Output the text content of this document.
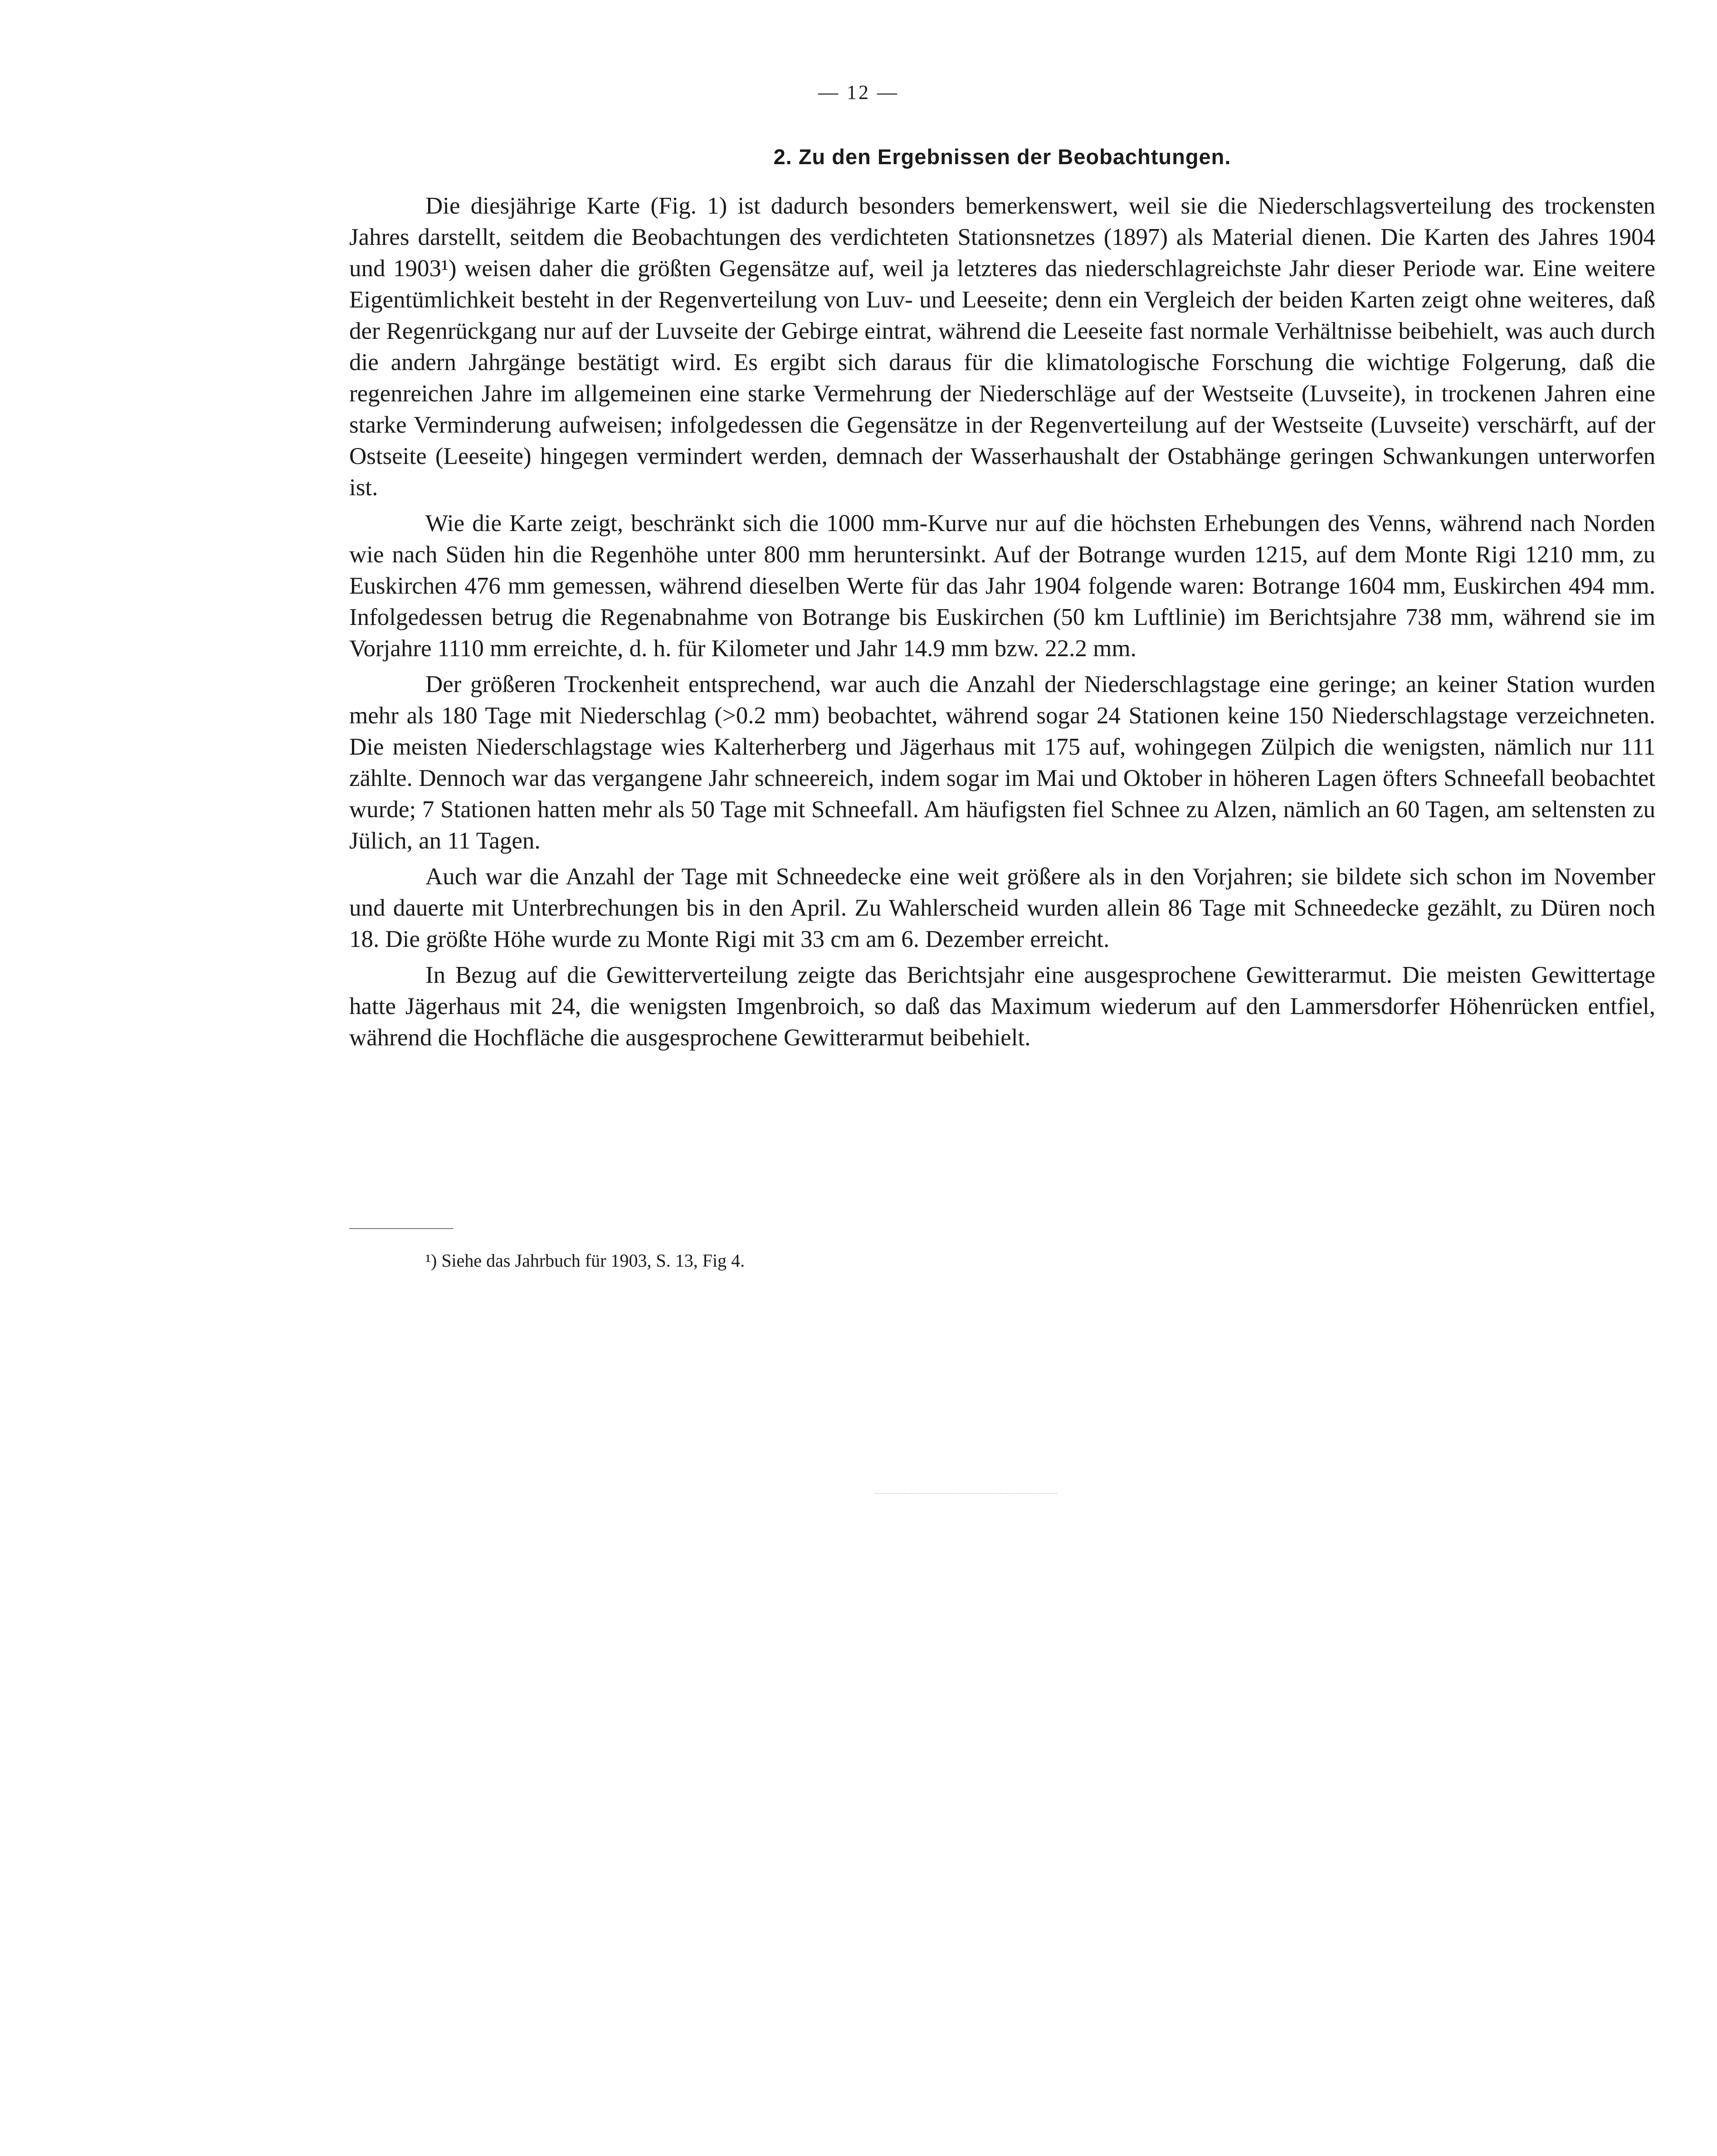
— 12 —
2. Zu den Ergebnissen der Beobachtungen.

Die diesjährige Karte (Fig. 1) ist dadurch besonders bemerkenswert, weil sie die Niederschlagsverteilung des trockensten Jahres darstellt, seitdem die Beobachtungen des verdichteten Stationsnetzes (1897) als Material dienen. Die Karten des Jahres 1904 und 1903¹) weisen daher die größten Gegensätze auf, weil ja letzteres das niederschlagreichste Jahr dieser Periode war. Eine weitere Eigentümlichkeit besteht in der Regenverteilung von Luv- und Leeseite; denn ein Vergleich der beiden Karten zeigt ohne weiteres, daß der Regenrückgang nur auf der Luvseite der Gebirge eintrat, während die Leeseite fast normale Verhältnisse beibehielt, was auch durch die andern Jahrgänge bestätigt wird. Es ergibt sich daraus für die klimatologische Forschung die wichtige Folgerung, daß die regenreichen Jahre im allgemeinen eine starke Vermehrung der Niederschläge auf der Westseite (Luvseite), in trockenen Jahren eine starke Verminderung aufweisen; infolgedessen die Gegensätze in der Regenverteilung auf der Westseite (Luvseite) verschärft, auf der Ostseite (Leeseite) hingegen vermindert werden, demnach der Wasserhaushalt der Ostabhänge geringen Schwankungen unterworfen ist.

Wie die Karte zeigt, beschränkt sich die 1000 mm-Kurve nur auf die höchsten Erhebungen des Venns, während nach Norden wie nach Süden hin die Regenhöhe unter 800 mm heruntersinkt. Auf der Botrange wurden 1215, auf dem Monte Rigi 1210 mm, zu Euskirchen 476 mm gemessen, während dieselben Werte für das Jahr 1904 folgende waren: Botrange 1604 mm, Euskirchen 494 mm. Infolgedessen betrug die Regenabnahme von Botrange bis Euskirchen (50 km Luftlinie) im Berichtsjahre 738 mm, während sie im Vorjahre 1110 mm erreichte, d. h. für Kilometer und Jahr 14.9 mm bzw. 22.2 mm.

Der größeren Trockenheit entsprechend, war auch die Anzahl der Niederschlagstage eine geringe; an keiner Station wurden mehr als 180 Tage mit Niederschlag (>0.2 mm) beobachtet, während sogar 24 Stationen keine 150 Niederschlagstage verzeichneten. Die meisten Niederschlagstage wies Kalterherberg und Jägerhaus mit 175 auf, wohingegen Zülpich die wenigsten, nämlich nur 111 zählte. Dennoch war das vergangene Jahr schneereich, indem sogar im Mai und Oktober in höheren Lagen öfters Schneefall beobachtet wurde; 7 Stationen hatten mehr als 50 Tage mit Schneefall. Am häufigsten fiel Schnee zu Alzen, nämlich an 60 Tagen, am seltensten zu Jülich, an 11 Tagen.

Auch war die Anzahl der Tage mit Schneedecke eine weit größere als in den Vorjahren; sie bildete sich schon im November und dauerte mit Unterbrechungen bis in den April. Zu Wahlerscheid wurden allein 86 Tage mit Schneedecke gezählt, zu Düren noch 18. Die größte Höhe wurde zu Monte Rigi mit 33 cm am 6. Dezember erreicht.

In Bezug auf die Gewitterverteilung zeigte das Berichtsjahr eine ausgesprochene Gewitterarmut. Die meisten Gewittertage hatte Jägerhaus mit 24, die wenigsten Imgenbroich, so daß das Maximum wiederum auf den Lammersdorfer Höhenrücken entfiel, während die Hochfläche die ausgesprochene Gewitterarmut beibehielt.

¹) Siehe das Jahrbuch für 1903, S. 13, Fig 4.
